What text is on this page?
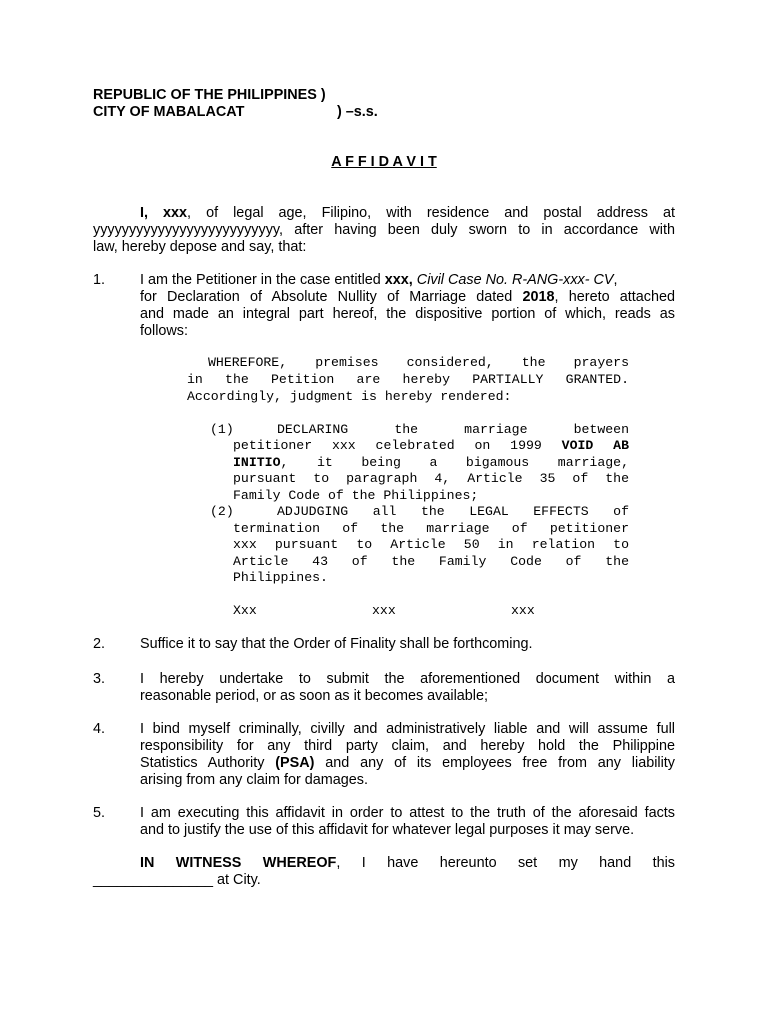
REPUBLIC OF THE PHILIPPINES )
CITY OF MABALACAT	) –s.s.
A F F I D A V I T
I, xxx, of legal age, Filipino, with residence and postal address at
yyyyyyyyyyyyyyyyyyyyyyyyyy, after having been duly sworn to in accordance with
law, hereby depose and say, that:
1. I am the Petitioner in the case entitled xxx, Civil Case No. R-ANG-xxx- CV,
for Declaration of Absolute Nullity of Marriage dated 2018, hereto attached
and made an integral part hereof, the dispositive portion of which, reads as
follows:
WHEREFORE, premises considered, the prayers
in the Petition are hereby PARTIALLY GRANTED.
Accordingly, judgment is hereby rendered:
(1)	DECLARING the marriage between
petitioner xxx celebrated on 1999 VOID AB
INITIO, it being a bigamous marriage,
pursuant to paragraph 4, Article 35 of the
Family Code of the Philippines;
(2)	ADJUDGING all the LEGAL EFFECTS of
termination of the marriage of petitioner
xxx pursuant to Article 50 in relation to
Article 43 of the Family Code of the
Philippines.
Xxx	xxx	xxx
2. Suffice it to say that the Order of Finality shall be forthcoming.
3. I hereby undertake to submit the aforementioned document within a
reasonable period, or as soon as it becomes available;
4. I bind myself criminally, civilly and administratively liable and will assume full
responsibility for any third party claim, and hereby hold the Philippine
Statistics Authority (PSA) and any of its employees free from any liability
arising from any claim for damages.
5. I am executing this affidavit in order to attest to the truth of the aforesaid facts
and to justify the use of this affidavit for whatever legal purposes it may serve.
IN WITNESS WHEREOF, I have hereunto set my hand this
_______________ at City.
